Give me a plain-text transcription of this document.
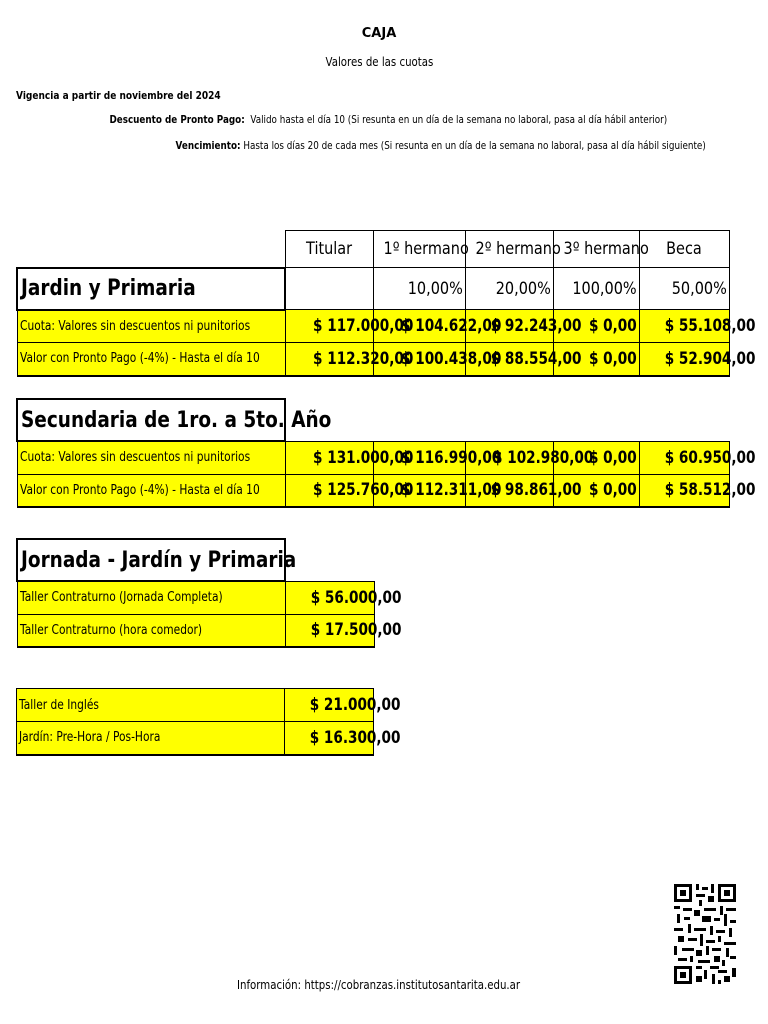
CAJA
Valores de las cuotas
Vigencia a partir de noviembre del 2024
Descuento de Pronto Pago: Valido hasta el día 10 (Si resunta en un día de la semana no laboral, pasa al día hábil anterior)
Vencimiento: Hasta los días 20 de cada mes (Si resunta en un día de la semana no laboral, pasa al día hábil siguiente)
	Titular	1º hermano	2º hermano	3º hermano	Beca
Jardin y Primaria		10,00%	20,00%	100,00%	50,00%
Cuota: Valores sin descuentos ni punitorios	$ 117.000,00	$ 104.622,00	$ 92.243,00	$ 0,00	$ 55.108,00
Valor con Pronto Pago (-4%) - Hasta el día 10	$ 112.320,00	$ 100.438,00	$ 88.554,00	$ 0,00	$ 52.904,00
Secundaria de 1ro. a 5to. Año					
Cuota: Valores sin descuentos ni punitorios	$ 131.000,00	$ 116.990,00	$ 102.980,00	$ 0,00	$ 60.950,00
Valor con Pronto Pago (-4%) - Hasta el día 10	$ 125.760,00	$ 112.311,00	$ 98.861,00	$ 0,00	$ 58.512,00
Jornada - Jardín y Primaria	
Taller Contraturno (Jornada Completa)	$ 56.000,00
Taller Contraturno (hora comedor)	$ 17.500,00
Taller de Inglés	$ 21.000,00
Jardín: Pre-Hora / Pos-Hora	$ 16.300,00
Información: https://cobranzas.institutosantarita.edu.ar
